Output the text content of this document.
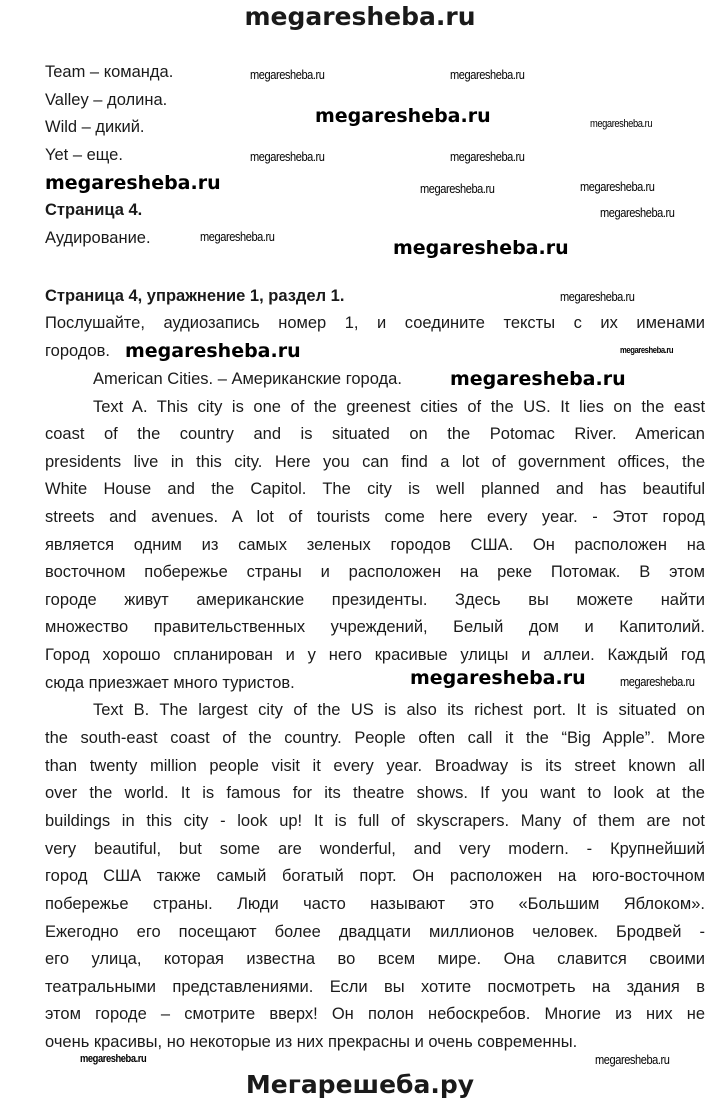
megaresheba.ru
Team – команда.
Valley – долина.
Wild – дикий.
Yet – еще.
Страница 4.
Аудирование.
Страница 4, упражнение 1, раздел 1.
Послушайте, аудиозапись номер 1, и соедините тексты с их именами
городов.
American Cities. – Американские города.
Text A. This city is one of the greenest cities of the US. It lies on the east
coast of the country and is situated on the Potomac River. American
presidents live in this city. Here you can find a lot of government offices, the
White House and the Capitol. The city is well planned and has beautiful
streets and avenues. A lot of tourists come here every year. - Этот город
является одним из самых зеленых городов США. Он расположен на
восточном побережье страны и расположен на реке Потомак. В этом
городе живут американские президенты. Здесь вы можете найти
множество правительственных учреждений, Белый дом и Капитолий.
Город хорошо спланирован и у него красивые улицы и аллеи. Каждый год
сюда приезжает много туристов.
Text B. The largest city of the US is also its richest port. It is situated on
the south-east coast of the country. People often call it the “Big Apple”. More
than twenty million people visit it every year. Broadway is its street known all
over the world. It is famous for its theatre shows. If you want to look at the
buildings in this city - look up! It is full of skyscrapers. Many of them are not
very beautiful, but some are wonderful, and very modern. - Крупнейший
город США также самый богатый порт. Он расположен на юго-восточном
побережье страны. Люди часто называют это «Большим Яблоком».
Ежегодно его посещают более двадцати миллионов человек. Бродвей -
его улица, которая известна во всем мире. Она славится своими
театральными представлениями. Если вы хотите посмотреть на здания в
этом городе – смотрите вверх! Он полон небоскребов. Многие из них не
очень красивы, но некоторые из них прекрасны и очень современны.
megaresheba.ru	megaresheba.ru
megaresheba.ru
megaresheba.ru
megaresheba.ru
megaresheba.ru
megaresheba.ru	megaresheba.ru
megaresheba.ru
megaresheba.ru
megaresheba.ru
megaresheba.ru
megaresheba.ru	megaresheba.ru
megaresheba.ru	megaresheba.ru
megaresheba.ru
megaresheba.ru
megaresheba.ru	megaresheba.ru
Мегарешеба.ру
